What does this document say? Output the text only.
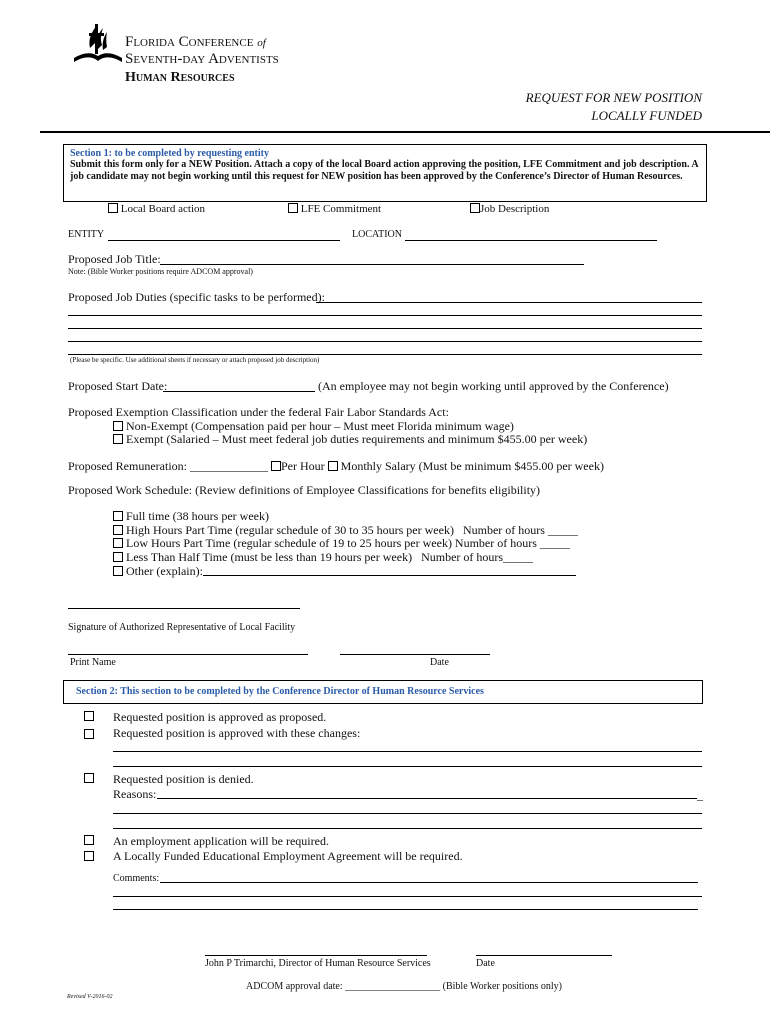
Florida Conference of
Seventh-day Adventists
Human Resources
REQUEST FOR NEW POSITION
LOCALLY FUNDED
Section 1: to be completed by requesting entity
Submit this form only for a NEW Position. Attach a copy of the local Board action approving the position, LFE Commitment and job description. A job candidate may not begin working until this request for NEW position has been approved by the Conference’s Director of Human Resources.
Local Board action	LFE Commitment	Job Description
ENTITY	LOCATION
Proposed Job Title:
Note: (Bible Worker positions require ADCOM approval)
Proposed Job Duties (specific tasks to be performed):
(Please be specific. Use additional sheets if necessary or attach proposed job description)
Proposed Start Date:	(An employee may not begin working until approved by the Conference)
Proposed Exemption Classification under the federal Fair Labor Standards Act:
Non-Exempt (Compensation paid per hour – Must meet Florida minimum wage)
Exempt (Salaried – Must meet federal job duties requirements and minimum $455.00 per week)
Proposed Remuneration: _____________ Per Hour Monthly Salary (Must be minimum $455.00 per week)
Proposed Work Schedule: (Review definitions of Employee Classifications for benefits eligibility)
Full time (38 hours per week)
High Hours Part Time (regular schedule of 30 to 35 hours per week)   Number of hours _____
Low Hours Part Time (regular schedule of 19 to 25 hours per week) Number of hours _____
Less Than Half Time (must be less than 19 hours per week)   Number of hours_____
Other (explain):
Signature of Authorized Representative of Local Facility
Print Name	Date
Section 2: This section to be completed by the Conference Director of Human Resource Services
Requested position is approved as proposed.
Requested position is approved with these changes:
Requested position is denied.
Reasons:	_
An employment application will be required.
A Locally Funded Educational Employment Agreement will be required.
Comments:
John P Trimarchi, Director of Human Resource Services	Date
ADCOM approval date: ___________________ (Bible Worker positions only)
Revised V-2016-02
